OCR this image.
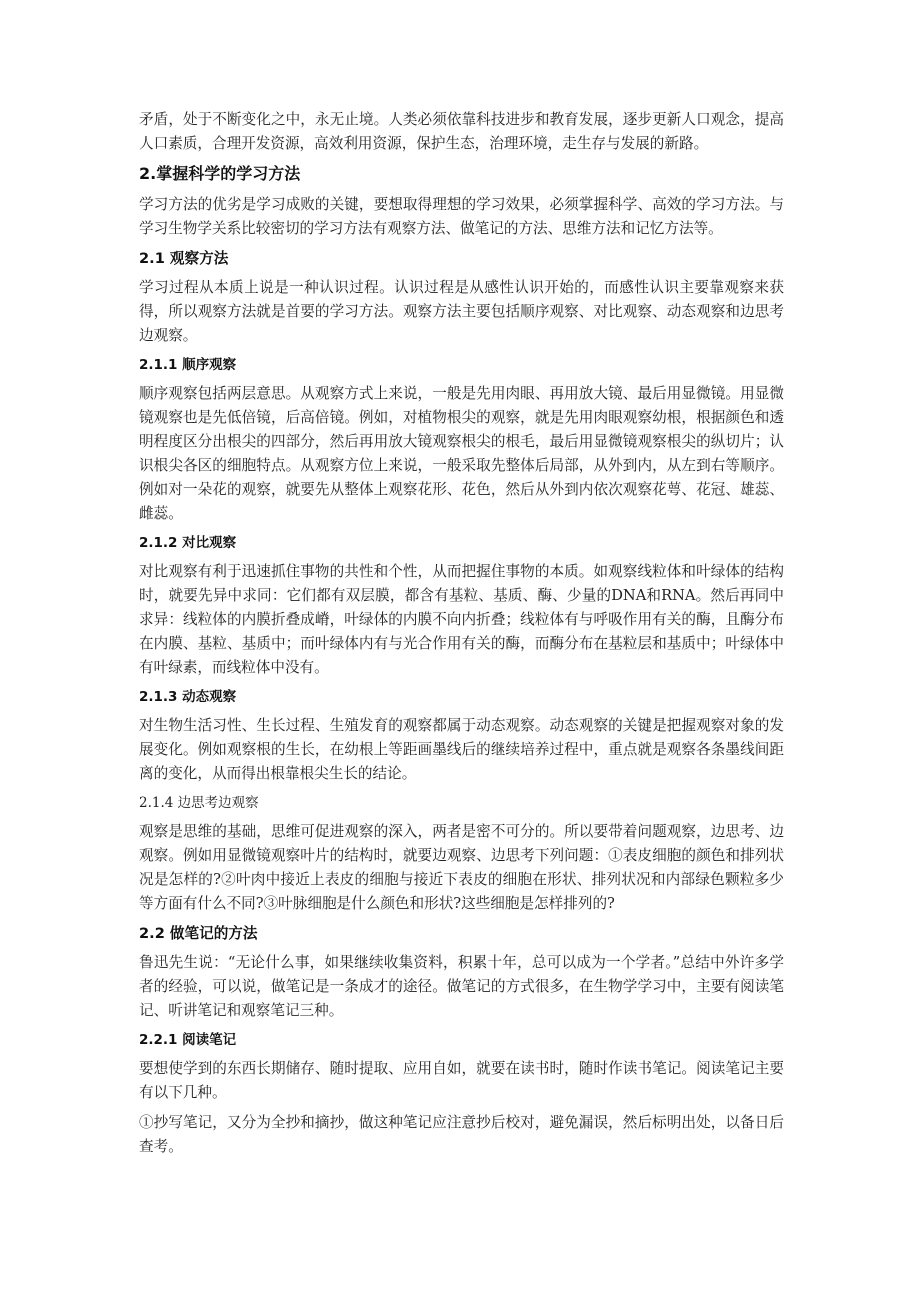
矛盾，处于不断变化之中，永无止境。人类必须依靠科技进步和教育发展，逐步更新人口观念，提高人口素质，合理开发资源，高效利用资源，保护生态，治理环境，走生存与发展的新路。

2.掌握科学的学习方法

学习方法的优劣是学习成败的关键，要想取得理想的学习效果，必须掌握科学、高效的学习方法。与学习生物学关系比较密切的学习方法有观察方法、做笔记的方法、思维方法和记忆方法等。

2.1 观察方法

学习过程从本质上说是一种认识过程。认识过程是从感性认识开始的，而感性认识主要靠观察来获得，所以观察方法就是首要的学习方法。观察方法主要包括顺序观察、对比观察、动态观察和边思考边观察。

2.1.1 顺序观察

顺序观察包括两层意思。从观察方式上来说，一般是先用肉眼、再用放大镜、最后用显微镜。用显微镜观察也是先低倍镜，后高倍镜。例如，对植物根尖的观察，就是先用肉眼观察幼根，根据颜色和透明程度区分出根尖的四部分，然后再用放大镜观察根尖的根毛，最后用显微镜观察根尖的纵切片；认识根尖各区的细胞特点。从观察方位上来说，一般采取先整体后局部，从外到内，从左到右等顺序。例如对一朵花的观察，就要先从整体上观察花形、花色，然后从外到内依次观察花萼、花冠、雄蕊、雌蕊。

2.1.2 对比观察

对比观察有利于迅速抓住事物的共性和个性，从而把握住事物的本质。如观察线粒体和叶绿体的结构时，就要先异中求同：它们都有双层膜，都含有基粒、基质、酶、少量的DNA和RNA。然后再同中求异：线粒体的内膜折叠成嵴，叶绿体的内膜不向内折叠；线粒体有与呼吸作用有关的酶，且酶分布在内膜、基粒、基质中；而叶绿体内有与光合作用有关的酶，而酶分布在基粒层和基质中；叶绿体中有叶绿素，而线粒体中没有。

2.1.3 动态观察

对生物生活习性、生长过程、生殖发育的观察都属于动态观察。动态观察的关键是把握观察对象的发展变化。例如观察根的生长，在幼根上等距画墨线后的继续培养过程中，重点就是观察各条墨线间距离的变化，从而得出根靠根尖生长的结论。

2.1.4 边思考边观察

观察是思维的基础，思维可促进观察的深入，两者是密不可分的。所以要带着问题观察，边思考、边观察。例如用显微镜观察叶片的结构时，就要边观察、边思考下列问题：①表皮细胞的颜色和排列状况是怎样的?②叶肉中接近上表皮的细胞与接近下表皮的细胞在形状、排列状况和内部绿色颗粒多少等方面有什么不同?③叶脉细胞是什么颜色和形状?这些细胞是怎样排列的?

2.2 做笔记的方法

鲁迅先生说：“无论什么事，如果继续收集资料，积累十年，总可以成为一个学者。”总结中外许多学者的经验，可以说，做笔记是一条成才的途径。做笔记的方式很多，在生物学学习中，主要有阅读笔记、听讲笔记和观察笔记三种。

2.2.1 阅读笔记

要想使学到的东西长期储存、随时提取、应用自如，就要在读书时，随时作读书笔记。阅读笔记主要有以下几种。

①抄写笔记，又分为全抄和摘抄，做这种笔记应注意抄后校对，避免漏误，然后标明出处，以备日后查考。
